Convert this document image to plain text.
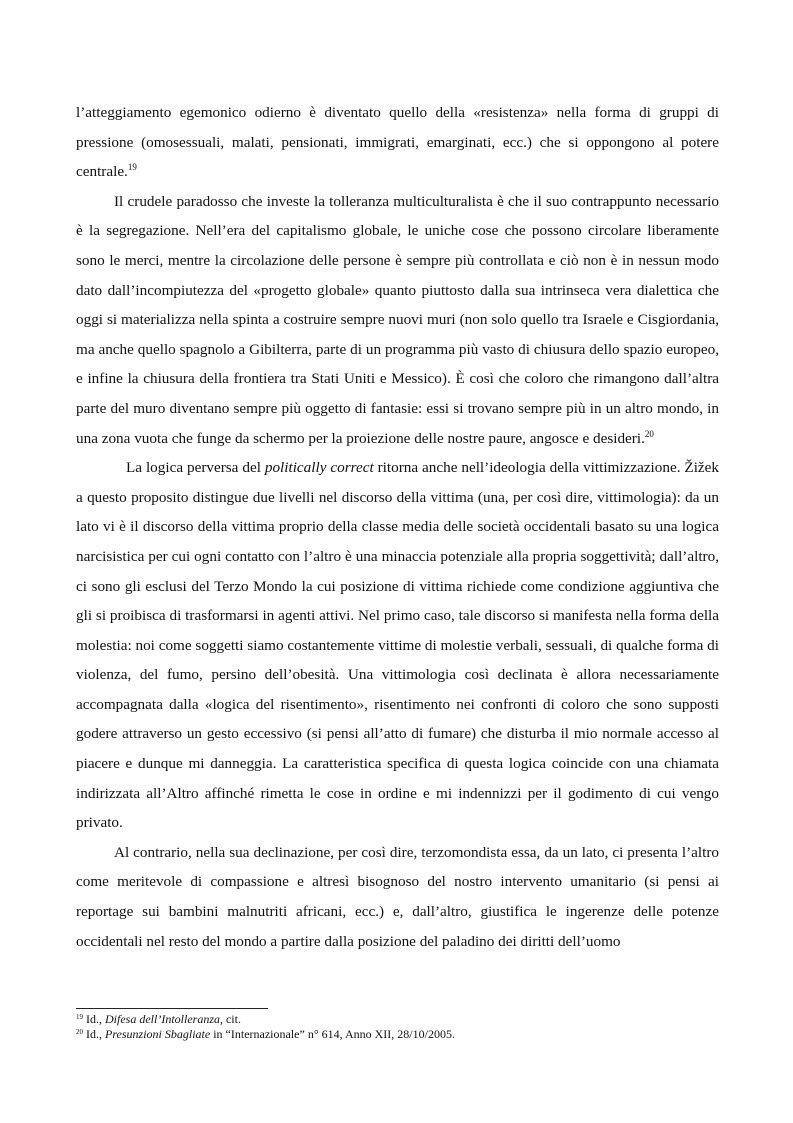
l’atteggiamento egemonico odierno è diventato quello della «resistenza» nella forma di gruppi di pressione (omosessuali, malati, pensionati, immigrati, emarginati, ecc.) che si oppongono al potere centrale.$^{19}$

Il crudele paradosso che investe la tolleranza multiculturalista è che il suo contrappunto necessario è la segregazione. Nell’era del capitalismo globale, le uniche cose che possono circolare liberamente sono le merci, mentre la circolazione delle persone è sempre più controllata e ciò non è in nessun modo dato dall’incompiutezza del «progetto globale» quanto piuttosto dalla sua intrinseca vera dialettica che oggi si materializza nella spinta a costruire sempre nuovi muri (non solo quello tra Israele e Cisgiordania, ma anche quello spagnolo a Gibilterra, parte di un programma più vasto di chiusura dello spazio europeo, e infine la chiusura della frontiera tra Stati Uniti e Messico). È così che coloro che rimangono dall’altra parte del muro diventano sempre più oggetto di fantasie: essi si trovano sempre più in un altro mondo, in una zona vuota che funge da schermo per la proiezione delle nostre paure, angosce e desideri.$^{20}$

La logica perversa del politically correct ritorna anche nell’ideologia della vittimizzazione. Žižek a questo proposito distingue due livelli nel discorso della vittima (una, per così dire, vittimologia): da un lato vi è il discorso della vittima proprio della classe media delle società occidentali basato su una logica narcisistica per cui ogni contatto con l’altro è una minaccia potenziale alla propria soggettività; dall’altro, ci sono gli esclusi del Terzo Mondo la cui posizione di vittima richiede come condizione aggiuntiva che gli si proibisca di trasformarsi in agenti attivi. Nel primo caso, tale discorso si manifesta nella forma della molestia: noi come soggetti siamo costantemente vittime di molestie verbali, sessuali, di qualche forma di violenza, del fumo, persino dell’obesità. Una vittimologia così declinata è allora necessariamente accompagnata dalla «logica del risentimento», risentimento nei confronti di coloro che sono supposti godere attraverso un gesto eccessivo (si pensi all’atto di fumare) che disturba il mio normale accesso al piacere e dunque mi danneggia. La caratteristica specifica di questa logica coincide con una chiamata indirizzata all’Altro affinché rimetta le cose in ordine e mi indennizzi per il godimento di cui vengo privato.

Al contrario, nella sua declinazione, per così dire, terzomondista essa, da un lato, ci presenta l’altro come meritevole di compassione e altresì bisognoso del nostro intervento umanitario (si pensi ai reportage sui bambini malnutriti africani, ecc.) e, dall’altro, giustifica le ingerenze delle potenze occidentali nel resto del mondo a partire dalla posizione del paladino dei diritti dell’uomo

$^{19}$ Id., Difesa dell’Intolleranza, cit.
$^{20}$ Id., Presunzioni Sbagliate in “Internazionale” n° 614, Anno XII, 28/10/2005.
